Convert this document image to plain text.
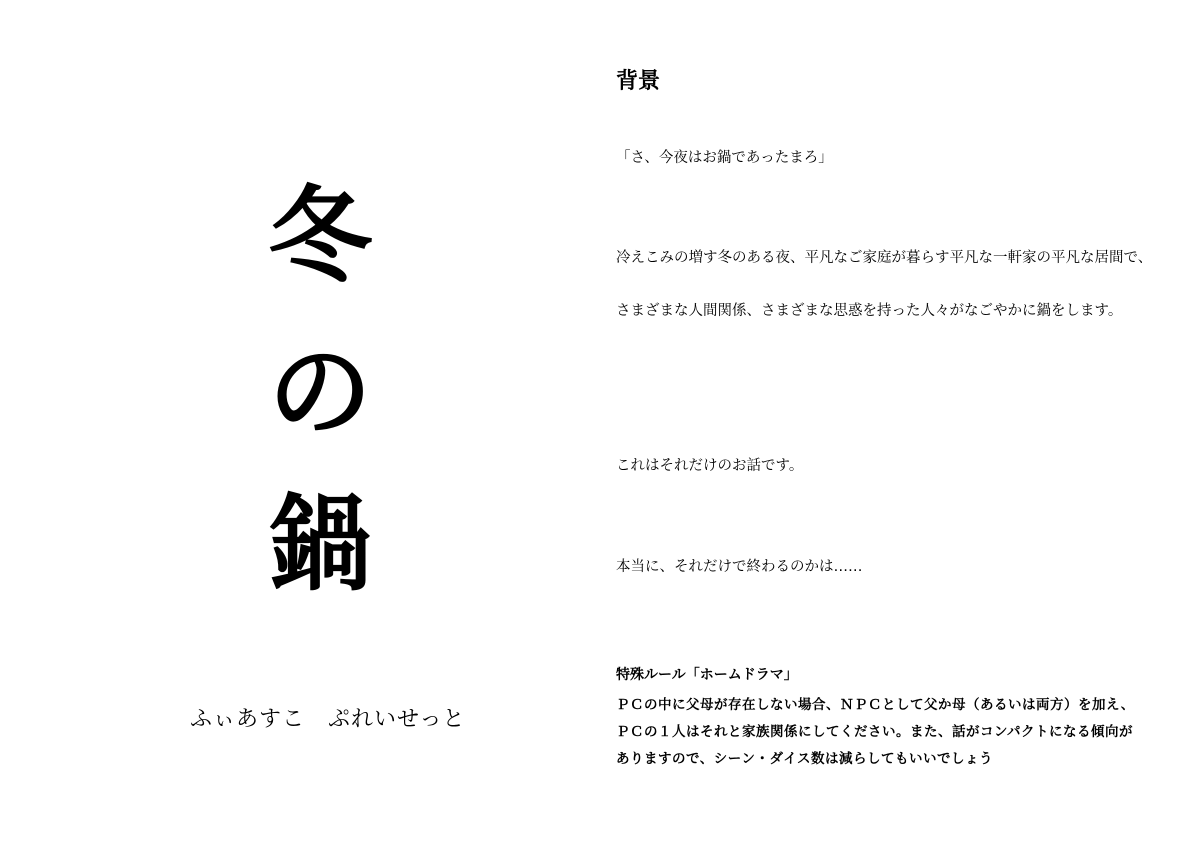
冬
の
鍋
ふぃあすこ　ぷれいせっと
背景
「さ、今夜はお鍋であったまろ」
冷えこみの増す冬のある夜、平凡なご家庭が暮らす平凡な一軒家の平凡な居間で、さまざまな人間関係、さまざまな思惑を持った人々がなごやかに鍋をします。
これはそれだけのお話です。
本当に、それだけで終わるのかは……
特殊ルール「ホームドラマ」
ＰＣの中に父母が存在しない場合、ＮＰＣとして父か母（あるいは両方）を加え、ＰＣの１人はそれと家族関係にしてください。また、話がコンパクトになる傾向がありますので、シーン・ダイス数は減らしてもいいでしょう
